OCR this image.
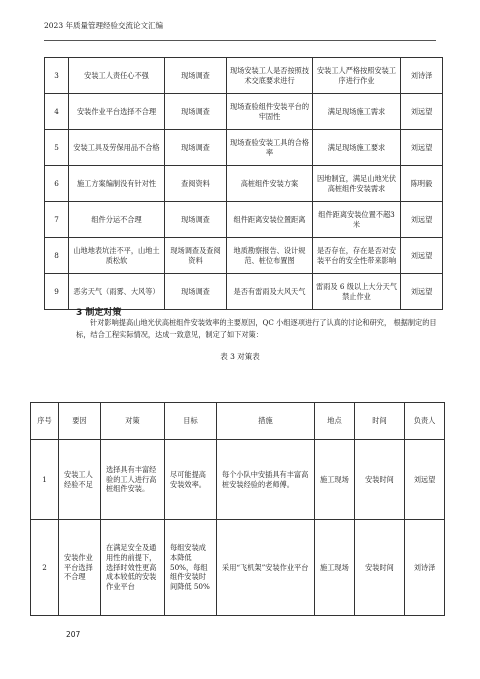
2023 年质量管理经验交流论文汇编
3	安装工人责任心不强	现场调查	现场安装工人是否按照技术交底要求进行	安装工人严格按照安装工序进行作业	刘诗泽
4	安装作业平台选择不合理	现场调查	现场查验组件安装平台的牢固性	满足现场施工需求	刘远望
5	安装工具及劳保用品不合格	现场调查	现场查验安装工具的合格率	满足现场施工要求	刘远望
6	施工方案编制没有针对性	查阅资料	高桩组件安装方案	因地制宜，满足山地光伏高桩组件安装需求	陈明毅
7	组件分运不合理	现场调查	组件距离安装位置距离	组件距离安装位置不超3米	刘远望
8	山地地表坑洼不平，山地土质松软	现场调查及查阅资料	地质勘察报告、设计规范、桩位布置图	是否存在，存在是否对安装平台的安全性带来影响	刘远望
9	恶劣天气（雨雾、大风等）	现场调查	是否有雷雨及大风天气	雷雨及 6 级以上大分天气禁止作业	刘远望
3 制定对策
针对影响提高山地光伏高桩组件安装效率的主要原因，QC 小组逐项进行了认真的讨论和研究， 根据制定的目标，结合工程实际情况，达成一致意见，制定了如下对策：
表 3 对策表
序号	要因	对策	目标	措施	地点	时间	负责人
1	安装工人经验不足	选择具有丰富经验的工人进行高桩组件安装。	尽可能提高安装效率。	每个小队中安插具有丰富高桩安装经验的老师傅。	施工现场	安装时间	刘远望
2	安装作业平台选择不合理	在满足安全及通用性的前提下，选择时效性更高成本较低的安装作业平台	每组安装成本降低 50%，每组组件安装时间降低 50%	采用“飞机架”安装作业平台	施工现场	安装时间	刘诗泽
207
